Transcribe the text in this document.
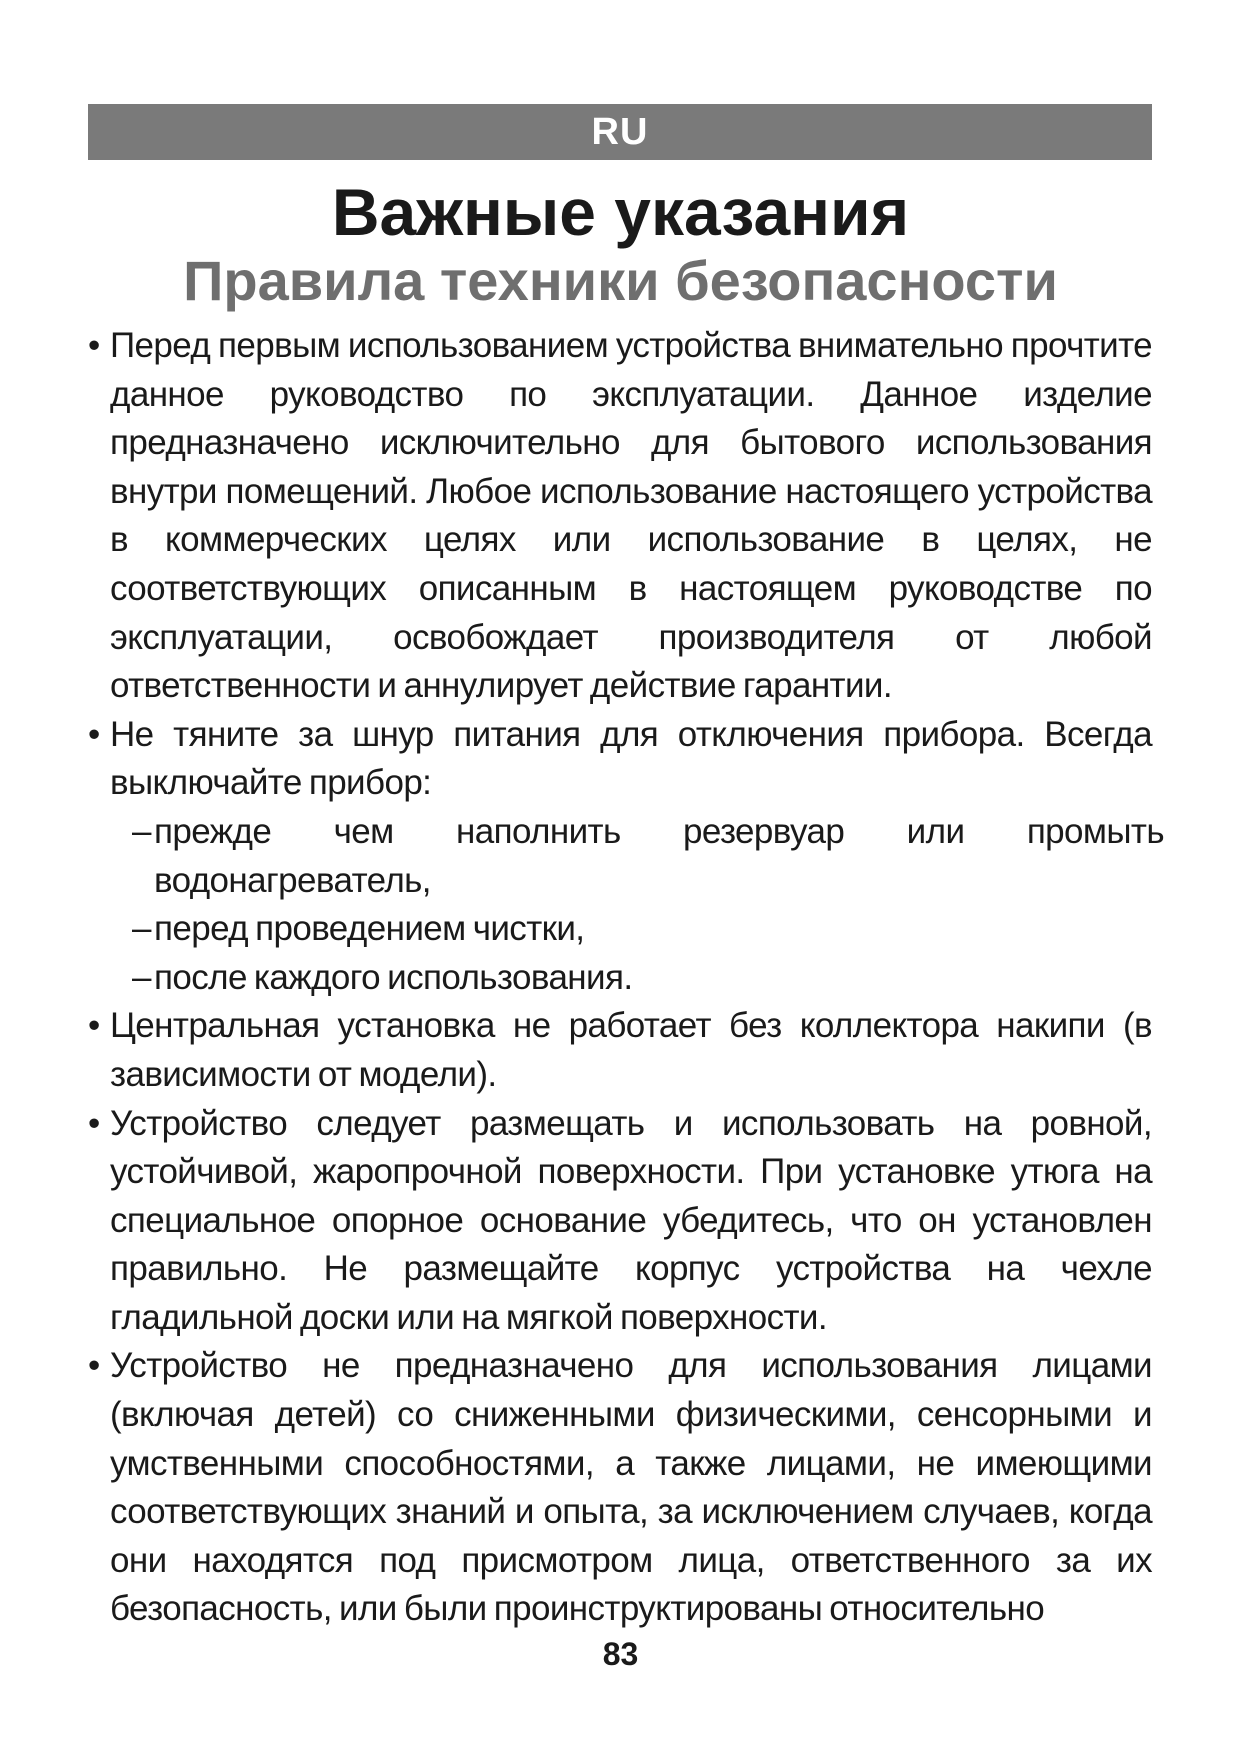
RU
Важные указания
Правила техники безопасности
• Перед первым использованием устройства внимательно прочтите данное руководство по эксплуатации. Данное изделие предназначено исключительно для бытового использования внутри помещений. Любое использование настоящего устройства в коммерческих целях или использование в целях, не соответствующих описанным в настоящем руководстве по эксплуатации, освобождает производителя от любой ответственности и аннулирует действие гарантии.
• Не тяните за шнур питания для отключения прибора. Всегда выключайте прибор:
– прежде чем наполнить резервуар или промыть водонагреватель,
– перед проведением чистки,
– после каждого использования.
• Центральная установка не работает без коллектора накипи (в зависимости от модели).
• Устройство следует размещать и использовать на ровной, устойчивой, жаропрочной поверхности. При установке утюга на специальное опорное основание убедитесь, что он установлен правильно. Не размещайте корпус устройства на чехле гладильной доски или на мягкой поверхности.
• Устройство не предназначено для использования лицами (включая детей) со сниженными физическими, сенсорными и умственными способностями, а также лицами, не имеющими соответствующих знаний и опыта, за исключением случаев, когда они находятся под присмотром лица, ответственного за их безопасность, или были проинструктированы относительно
83
